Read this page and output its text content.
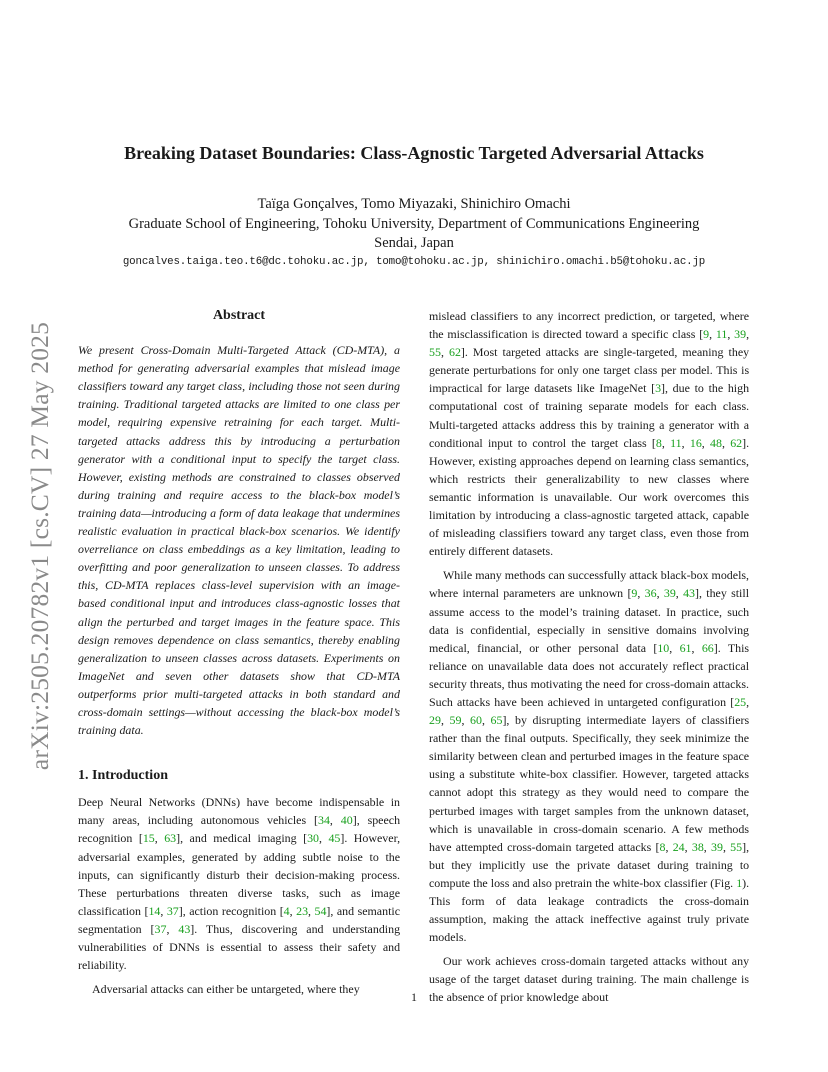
arXiv:2505.20782v1 [cs.CV] 27 May 2025
Breaking Dataset Boundaries: Class-Agnostic Targeted Adversarial Attacks
Taïga Gonçalves, Tomo Miyazaki, Shinichiro Omachi
Graduate School of Engineering, Tohoku University, Department of Communications Engineering
Sendai, Japan
goncalves.taiga.teo.t6@dc.tohoku.ac.jp, tomo@tohoku.ac.jp, shinichiro.omachi.b5@tohoku.ac.jp
Abstract

We present Cross-Domain Multi-Targeted Attack (CD-MTA), a method for generating adversarial examples that mislead image classifiers toward any target class, including those not seen during training. Traditional targeted attacks are limited to one class per model, requiring expensive retraining for each target. Multi-targeted attacks address this by introducing a perturbation generator with a conditional input to specify the target class. However, existing methods are constrained to classes observed during training and require access to the black-box model’s training data—introducing a form of data leakage that undermines realistic evaluation in practical black-box scenarios. We identify overreliance on class embeddings as a key limitation, leading to overfitting and poor generalization to unseen classes. To address this, CD-MTA replaces class-level supervision with an image-based conditional input and introduces class-agnostic losses that align the perturbed and target images in the feature space. This design removes dependence on class semantics, thereby enabling generalization to unseen classes across datasets. Experiments on ImageNet and seven other datasets show that CD-MTA outperforms prior multi-targeted attacks in both standard and cross-domain settings—without accessing the black-box model’s training data.

1. Introduction

Deep Neural Networks (DNNs) have become indispensable in many areas, including autonomous vehicles [34, 40], speech recognition [15, 63], and medical imaging [30, 45]. However, adversarial examples, generated by adding subtle noise to the inputs, can significantly disturb their decision-making process. These perturbations threaten diverse tasks, such as image classification [14, 37], action recognition [4, 23, 54], and semantic segmentation [37, 43]. Thus, discovering and understanding vulnerabilities of DNNs is essential to assess their safety and reliability.

Adversarial attacks can either be untargeted, where they

mislead classifiers to any incorrect prediction, or targeted, where the misclassification is directed toward a specific class [9, 11, 39, 55, 62]. Most targeted attacks are single-targeted, meaning they generate perturbations for only one target class per model. This is impractical for large datasets like ImageNet [3], due to the high computational cost of training separate models for each class. Multi-targeted attacks address this by training a generator with a conditional input to control the target class [8, 11, 16, 48, 62]. However, existing approaches depend on learning class semantics, which restricts their generalizability to new classes where semantic information is unavailable. Our work overcomes this limitation by introducing a class-agnostic targeted attack, capable of misleading classifiers toward any target class, even those from entirely different datasets.

While many methods can successfully attack black-box models, where internal parameters are unknown [9, 36, 39, 43], they still assume access to the model’s training dataset. In practice, such data is confidential, especially in sensitive domains involving medical, financial, or other personal data [10, 61, 66]. This reliance on unavailable data does not accurately reflect practical security threats, thus motivating the need for cross-domain attacks. Such attacks have been achieved in untargeted configuration [25, 29, 59, 60, 65], by disrupting intermediate layers of classifiers rather than the final outputs. Specifically, they seek minimize the similarity between clean and perturbed images in the feature space using a substitute white-box classifier. However, targeted attacks cannot adopt this strategy as they would need to compare the perturbed images with target samples from the unknown dataset, which is unavailable in cross-domain scenario. A few methods have attempted cross-domain targeted attacks [8, 24, 38, 39, 55], but they implicitly use the private dataset during training to compute the loss and also pretrain the white-box classifier (Fig. 1). This form of data leakage contradicts the cross-domain assumption, making the attack ineffective against truly private models.

Our work achieves cross-domain targeted attacks without any usage of the target dataset during training. The main challenge is the absence of prior knowledge about

1
